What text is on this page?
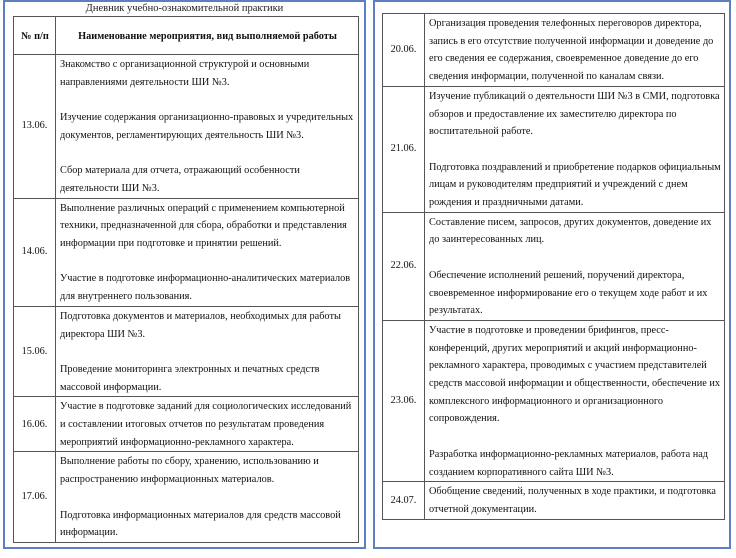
Дневник учебно-ознакомительной практики
№ п/п	Наименование мероприятия, вид выполняемой работы
13.06.	Знакомство с организационной структурой и основными направлениями деятельности ШИ №3.
Изучение содержания организационно-правовых и учредительных документов, регламентирующих деятельность ШИ №3.
Сбор материала для отчета, отражающий особенности деятельности ШИ №3.

14.06.	Выполнение различных операций с применением компьютерной техники, предназначенной для сбора, обработки и представления информации при подготовке и принятии решений.
Участие в подготовке информационно-аналитических материалов для внутреннего пользования.

15.06.	Подготовка документов и материалов, необходимых для работы директора ШИ №3.
Проведение мониторинга электронных и печатных средств массовой информации.

16.06.	Участие в подготовке заданий для социологических исследований и составлении итоговых отчетов по результатам проведения мероприятий информационно-рекламного характера.

17.06.	Выполнение работы по сбору, хранению, использованию и распространению информационных материалов.
Подготовка информационных материалов для средств массовой информации.
20.06.	Организация проведения телефонных переговоров директора, запись в его отсутствие полученной информации и доведение до его сведения ее содержания, своевременное доведение до его сведения информации, полученной по каналам связи.

21.06.	Изучение публикаций о деятельности ШИ №3 в СМИ, подготовка обзоров и предоставление их заместителю директора по воспитательной работе.
Подготовка поздравлений и приобретение подарков официальным лицам и руководителям предприятий и учреждений с днем рождения и праздничными датами.

22.06.	Составление писем, запросов, других документов, доведение их до заинтересованных лиц.
Обеспечение исполнений решений, поручений директора, своевременное информирование его о текущем ходе работ и их результатах.

23.06.	Участие в подготовке и проведении брифингов, пресс-конференций, других мероприятий и акций информационно-рекламного характера, проводимых с участием представителей средств массовой информации и общественности, обеспечение их комплексного информационного и организационного сопровождения.
Разработка информационно-рекламных материалов, работа над созданием корпоративного сайта ШИ №3.

24.07.	Обобщение сведений, полученных в ходе практики, и подготовка отчетной документации.
